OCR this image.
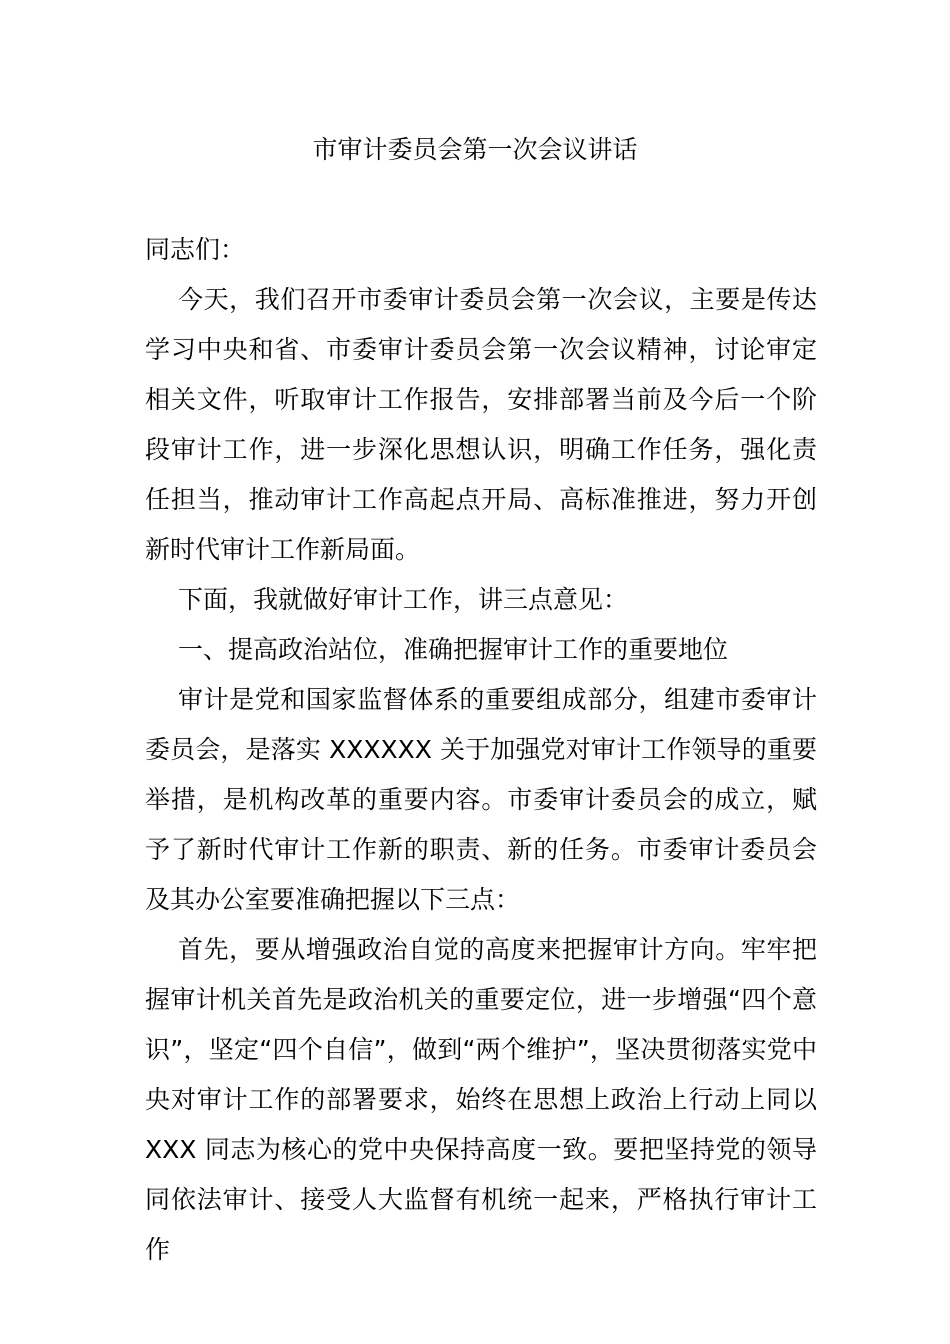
市审计委员会第一次会议讲话

同志们：

今天，我们召开市委审计委员会第一次会议，主要是传达学习中央和省、市委审计委员会第一次会议精神，讨论审定相关文件，听取审计工作报告，安排部署当前及今后一个阶段审计工作，进一步深化思想认识，明确工作任务，强化责任担当，推动审计工作高起点开局、高标准推进，努力开创新时代审计工作新局面。

下面，我就做好审计工作，讲三点意见：

一、提高政治站位，准确把握审计工作的重要地位

审计是党和国家监督体系的重要组成部分，组建市委审计委员会，是落实 XXXXXX 关于加强党对审计工作领导的重要举措，是机构改革的重要内容。市委审计委员会的成立，赋予了新时代审计工作新的职责、新的任务。市委审计委员会及其办公室要准确把握以下三点：

首先，要从增强政治自觉的高度来把握审计方向。牢牢把握审计机关首先是政治机关的重要定位，进一步增强“四个意识”，坚定“四个自信”，做到“两个维护”，坚决贯彻落实党中央对审计工作的部署要求，始终在思想上政治上行动上同以 XXX 同志为核心的党中央保持高度一致。要把坚持党的领导同依法审计、接受人大监督有机统一起来，严格执行审计工作
